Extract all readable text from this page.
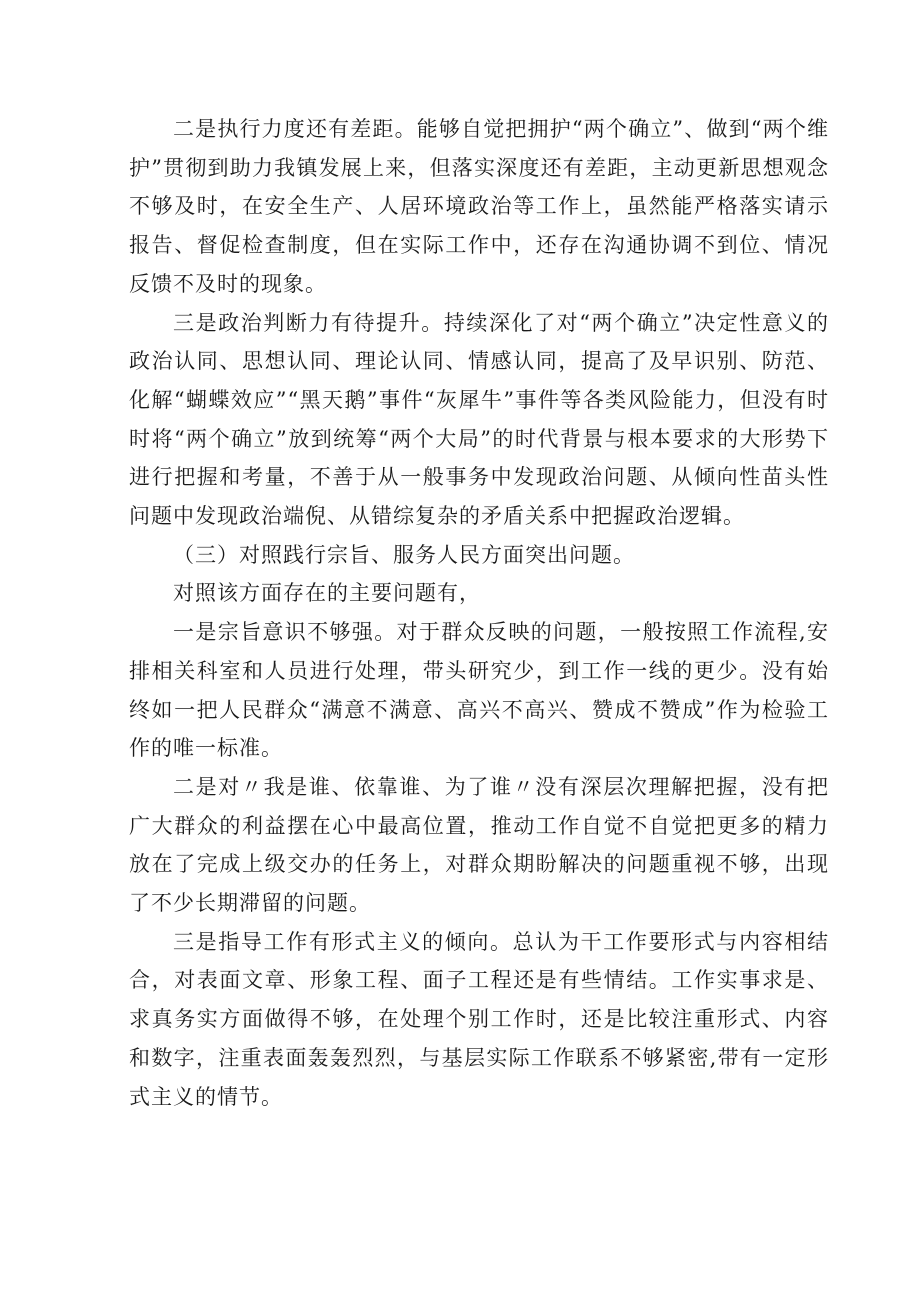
二是执行力度还有差距。能够自觉把拥护“两个确立”、做到“两个维护”贯彻到助力我镇发展上来，但落实深度还有差距，主动更新思想观念不够及时，在安全生产、人居环境政治等工作上，虽然能严格落实请示报告、督促检查制度，但在实际工作中，还存在沟通协调不到位、情况反馈不及时的现象。

三是政治判断力有待提升。持续深化了对“两个确立”决定性意义的政治认同、思想认同、理论认同、情感认同，提高了及早识别、防范、化解“蝴蝶效应”“黑天鹅”事件“灰犀牛”事件等各类风险能力，但没有时时将“两个确立”放到统筹“两个大局”的时代背景与根本要求的大形势下进行把握和考量，不善于从一般事务中发现政治问题、从倾向性苗头性问题中发现政治端倪、从错综复杂的矛盾关系中把握政治逻辑。

（三）对照践行宗旨、服务人民方面突出问题。

对照该方面存在的主要问题有，

一是宗旨意识不够强。对于群众反映的问题，一般按照工作流程,安排相关科室和人员进行处理，带头研究少，到工作一线的更少。没有始终如一把人民群众“满意不满意、高兴不高兴、赞成不赞成”作为检验工作的唯一标准。

二是对〃我是谁、依靠谁、为了谁〃没有深层次理解把握，没有把广大群众的利益摆在心中最高位置，推动工作自觉不自觉把更多的精力放在了完成上级交办的任务上，对群众期盼解决的问题重视不够，出现了不少长期滞留的问题。

三是指导工作有形式主义的倾向。总认为干工作要形式与内容相结合，对表面文章、形象工程、面子工程还是有些情结。工作实事求是、求真务实方面做得不够，在处理个别工作时，还是比较注重形式、内容和数字，注重表面轰轰烈烈，与基层实际工作联系不够紧密,带有一定形式主义的情节。
